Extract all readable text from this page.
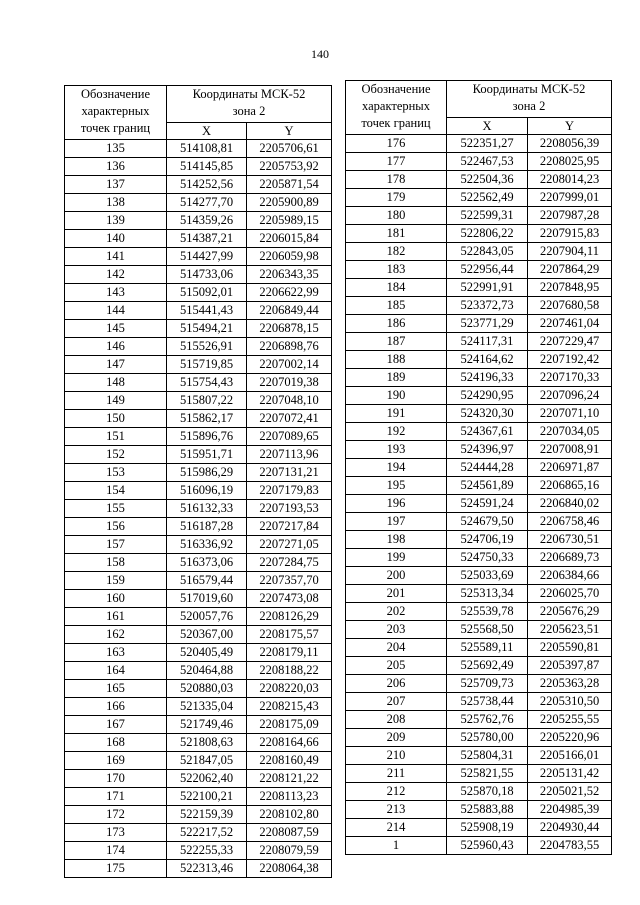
140
Обозначение
характерных
точек границ	Координаты МСК-52
зона 2	
	X	Y
135	514108,81	2205706,61
136	514145,85	2205753,92
137	514252,56	2205871,54
138	514277,70	2205900,89
139	514359,26	2205989,15
140	514387,21	2206015,84
141	514427,99	2206059,98
142	514733,06	2206343,35
143	515092,01	2206622,99
144	515441,43	2206849,44
145	515494,21	2206878,15
146	515526,91	2206898,76
147	515719,85	2207002,14
148	515754,43	2207019,38
149	515807,22	2207048,10
150	515862,17	2207072,41
151	515896,76	2207089,65
152	515951,71	2207113,96
153	515986,29	2207131,21
154	516096,19	2207179,83
155	516132,33	2207193,53
156	516187,28	2207217,84
157	516336,92	2207271,05
158	516373,06	2207284,75
159	516579,44	2207357,70
160	517019,60	2207473,08
161	520057,76	2208126,29
162	520367,00	2208175,57
163	520405,49	2208179,11
164	520464,88	2208188,22
165	520880,03	2208220,03
166	521335,04	2208215,43
167	521749,46	2208175,09
168	521808,63	2208164,66
169	521847,05	2208160,49
170	522062,40	2208121,22
171	522100,21	2208113,23
172	522159,39	2208102,80
173	522217,52	2208087,59
174	522255,33	2208079,59
175	522313,46	2208064,38
Обозначение
характерных
точек границ	Координаты МСК-52
зона 2	
	X	Y
176	522351,27	2208056,39
177	522467,53	2208025,95
178	522504,36	2208014,23
179	522562,49	2207999,01
180	522599,31	2207987,28
181	522806,22	2207915,83
182	522843,05	2207904,11
183	522956,44	2207864,29
184	522991,91	2207848,95
185	523372,73	2207680,58
186	523771,29	2207461,04
187	524117,31	2207229,47
188	524164,62	2207192,42
189	524196,33	2207170,33
190	524290,95	2207096,24
191	524320,30	2207071,10
192	524367,61	2207034,05
193	524396,97	2207008,91
194	524444,28	2206971,87
195	524561,89	2206865,16
196	524591,24	2206840,02
197	524679,50	2206758,46
198	524706,19	2206730,51
199	524750,33	2206689,73
200	525033,69	2206384,66
201	525313,34	2206025,70
202	525539,78	2205676,29
203	525568,50	2205623,51
204	525589,11	2205590,81
205	525692,49	2205397,87
206	525709,73	2205363,28
207	525738,44	2205310,50
208	525762,76	2205255,55
209	525780,00	2205220,96
210	525804,31	2205166,01
211	525821,55	2205131,42
212	525870,18	2205021,52
213	525883,88	2204985,39
214	525908,19	2204930,44
1	525960,43	2204783,55
